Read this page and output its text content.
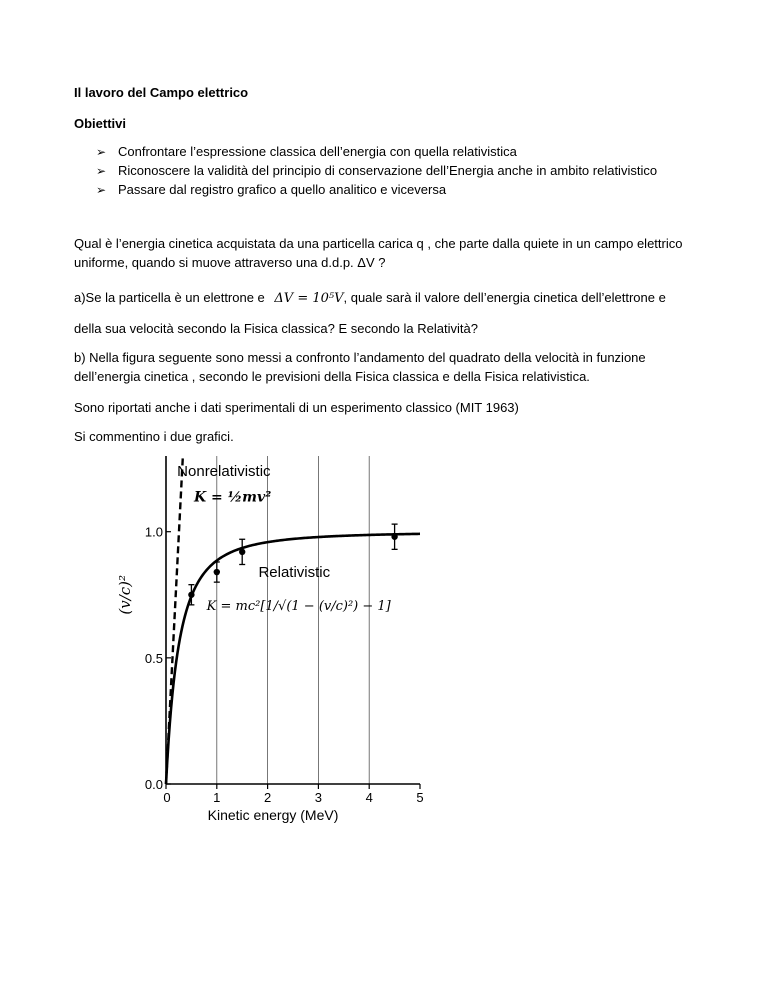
Il lavoro del Campo elettrico
Obiettivi
➢ Confrontare l’espressione classica dell’energia con quella relativistica
➢ Riconoscere la validità del principio di conservazione dell’Energia anche in ambito relativistico
➢ Passare dal registro grafico a quello analitico e viceversa
Qual è l’energia cinetica acquistata da una particella carica q , che parte dalla quiete in un campo elettrico
uniforme, quando si muove attraverso una d.d.p. ΔV ?
a)Se la particella è un elettrone e ΔV = 10⁵V, quale sarà il valore dell’energia cinetica dell’elettrone e
della sua velocità secondo la Fisica classica? E secondo la Relatività?
b) Nella figura seguente sono messi a confronto l’andamento del quadrato della velocità in funzione
dell’energia cinetica , secondo le previsioni della Fisica classica e della Fisica relativistica.
Sono riportati anche i dati sperimentali di un esperimento classico (MIT 1963)
Si commentino i due grafici.
0	1	2	3	4	5
0.0
0.5
1.0
Kinetic energy (MeV)
(v/c)²
Nonrelativistic
K = ½mv²
Relativistic
K = mc²[1/√(1 − (v/c)²) − 1]
